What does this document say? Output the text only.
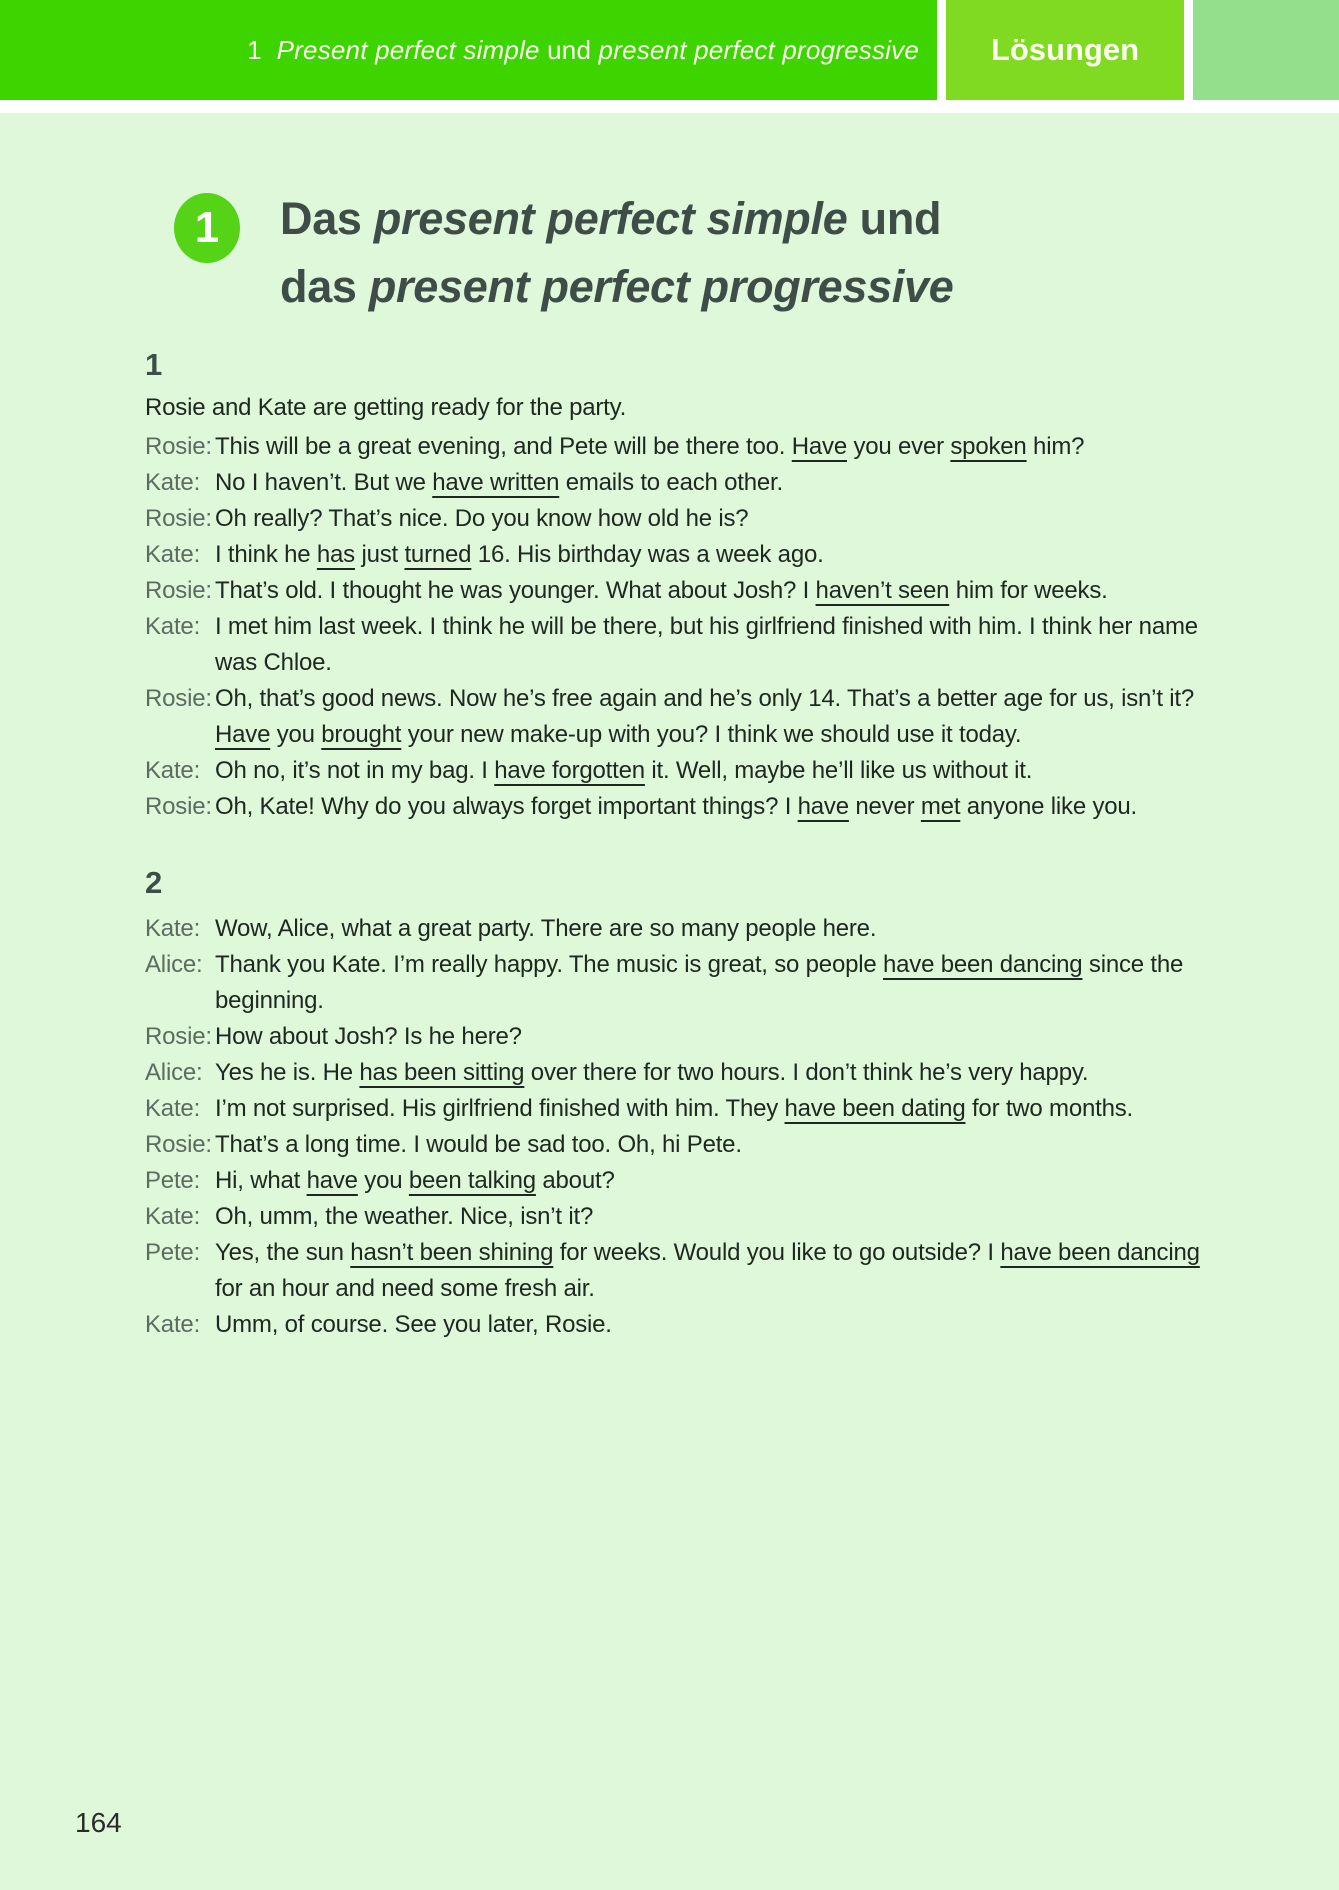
1  Present perfect simple und present perfect progressive Lösungen
1 Das present perfect simple und
das present perfect progressive
1
Rosie and Kate are getting ready for the party.
Rosie: This will be a great evening, and Pete will be there too. Have you ever spoken him?
Kate: No I haven’t. But we have written emails to each other.
Rosie: Oh really? That’s nice. Do you know how old he is?
Kate: I think he has just turned 16. His birthday was a week ago.
Rosie: That’s old. I thought he was younger. What about Josh? I haven’t seen him for weeks.
Kate: I met him last week. I think he will be there, but his girlfriend finished with him. I think her name was Chloe.
Rosie: Oh, that’s good news. Now he’s free again and he’s only 14. That’s a better age for us, isn’t it? Have you brought your new make-up with you? I think we should use it today.
Kate: Oh no, it’s not in my bag. I have forgotten it. Well, maybe he’ll like us without it.
Rosie: Oh, Kate! Why do you always forget important things? I have never met anyone like you.
2
Kate: Wow, Alice, what a great party. There are so many people here.
Alice: Thank you Kate. I’m really happy. The music is great, so people have been dancing since the beginning.
Rosie: How about Josh? Is he here?
Alice: Yes he is. He has been sitting over there for two hours. I don’t think he’s very happy.
Kate: I’m not surprised. His girlfriend finished with him. They have been dating for two months.
Rosie: That’s a long time. I would be sad too. Oh, hi Pete.
Pete: Hi, what have you been talking about?
Kate: Oh, umm, the weather. Nice, isn’t it?
Pete: Yes, the sun hasn’t been shining for weeks. Would you like to go outside? I have been dancing for an hour and need some fresh air.
Kate: Umm, of course. See you later, Rosie.
164
